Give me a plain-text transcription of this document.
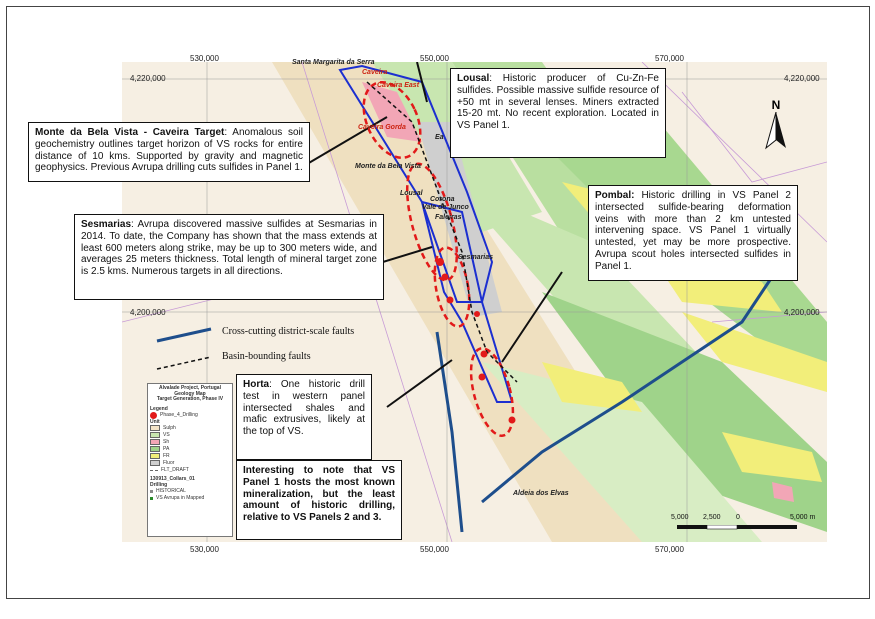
530,000	550,000	570,000
530,000	550,000	570,000
4,220,000
4,200,000
4,220,000
4,200,000
N
Santa Margarita da Serra
Caveira
Caveira East
Caveira Gorda
Ea
Monte da Bela Vista
Lousal
Corona
Vale de Junco
Faleiras
Sesmarias
Aldeia dos Elvas
Lousal: Historic producer of Cu-Zn-Fe sulfides. Possible massive sulfide resource of +50 mt in several lenses. Miners extracted 15-20 mt. No recent exploration. Located in VS Panel 1.
Monte da Bela Vista - Caveira Target: Anomalous soil geochemistry outlines target horizon of VS rocks for entire distance of 10 kms. Supported by gravity and magnetic geophysics. Previous Avrupa drilling cuts sulfides in Panel 1.
Pombal: Historic drilling in VS Panel 2 intersected sulfide-bearing deformation veins with more than 2 km untested intervening space. VS Panel 1 virtually untested, yet may be more prospective. Avrupa scout holes intersected sulfides in Panel 1.
Sesmarias: Avrupa discovered massive sulfides at Sesmarias in 2014. To date, the Company has shown that the mass extends at least 600 meters along strike, may be up to 300 meters wide, and averages 25 meters thickness. Total length of mineral target zone is 2.5 kms. Numerous targets in all directions.
Horta: One historic drill test in western panel intersected shales and mafic extrusives, likely at the top of VS.
Interesting to note that VS Panel 1 hosts the most known mineralization, but the least amount of historic drilling, relative to VS Panels 2 and 3.
Cross-cutting district-scale faults
Basin-bounding faults
Alvalade Project, Portugal
Geology Map
Target Generation, Phase IV
Legend
Phase_4_Drilling
Unit
Sulph
VS
Sh
PA
FR
Fluor
FLT_DRAFT
130913_Collars_01
Drilling
HISTORICAL
VS Avrupa in Mapped
5,000 2,500 0	5,000 m
